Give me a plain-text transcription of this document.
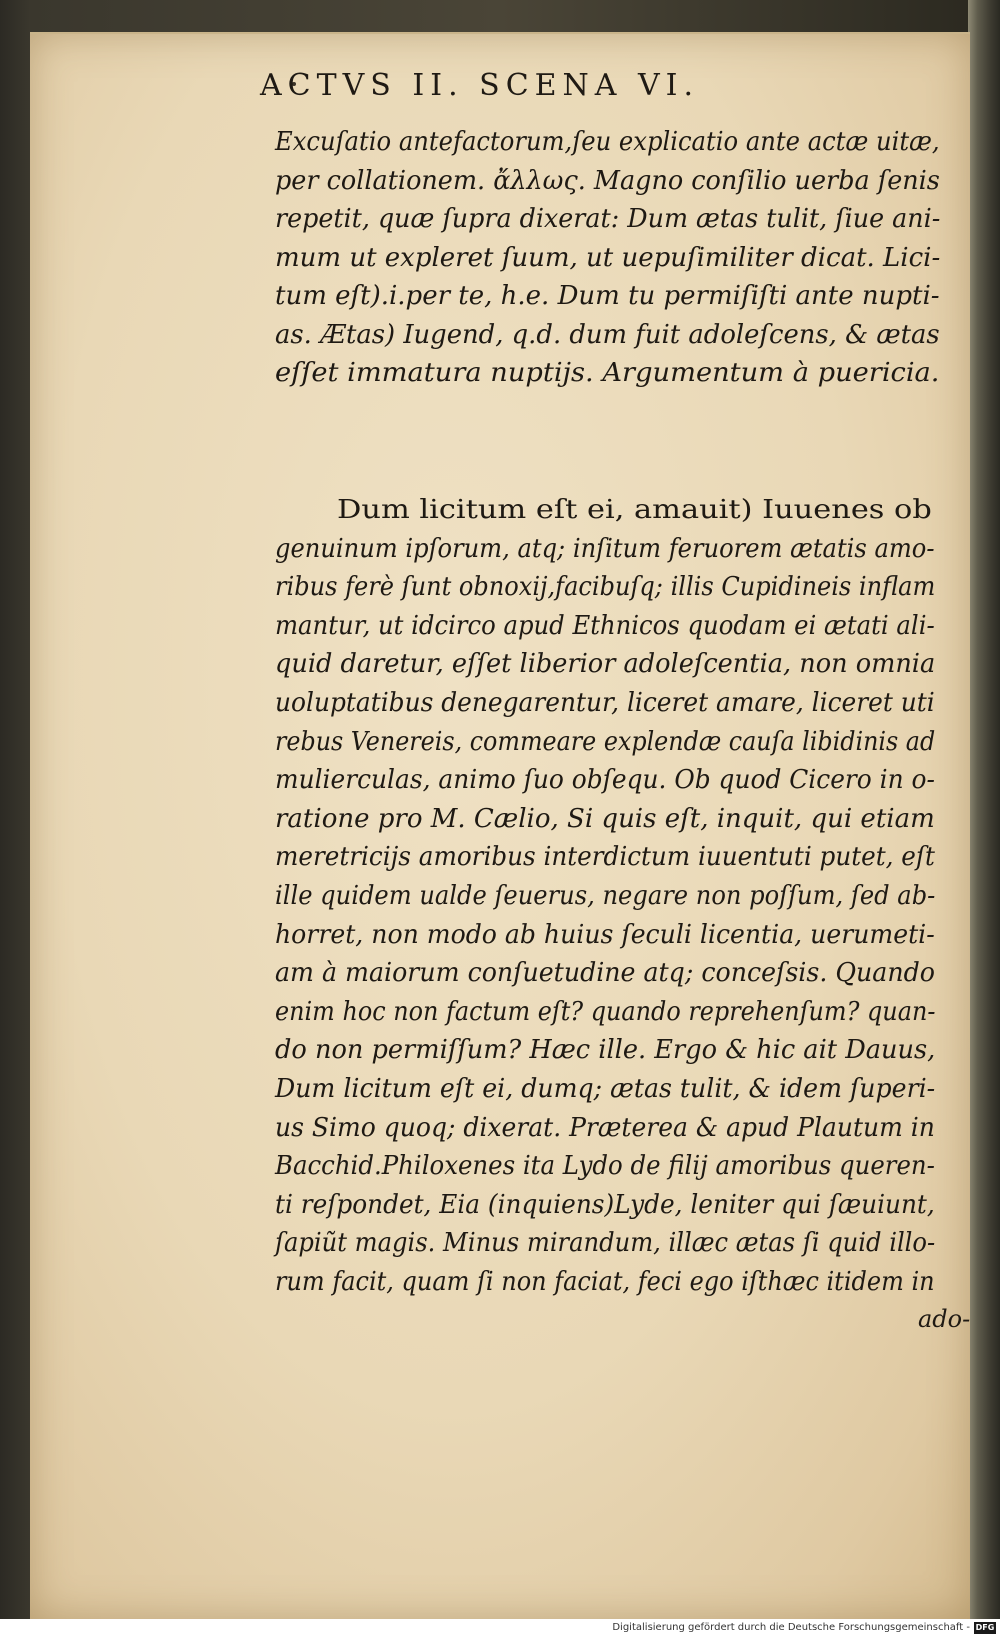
ACTVS II. SCENA VI.
Excuſatio antefactorum,ſeu explicatio ante actæ uitæ,
per collationem. ἄλλως. Magno conſilio uerba ſenis
repetit, quæ ſupra dixerat: Dum ætas tulit, ſiue ani-
mum ut expleret ſuum, ut uериſimiliter dicat. Lici-
tum eſt).i.per te, h.e. Dum tu permiſiſti ante nupti-
as. Ætas) Iugend, q.d. dum fuit adoleſcens, & ætas
eſſet immatura nuptijs. Argumentum à puericia.
Dum licitum eſt ei, amauit) Iuuenes ob
genuinum ipſorum, atq; inſitum feruorem ætatis amo-
ribus ferè ſunt obnoxij,facibuſq; illis Cupidineis inflam
mantur, ut idcirco apud Ethnicos quodam ei ætati ali-
quid daretur, eſſet liberior adoleſcentia, non omnia
uoluptatibus denegarentur, liceret amare, liceret uti
rebus Venereis, commeare explendæ cauſa libidinis ad
mulierculas, animo ſuo obſequ. Ob quod Cicero in o-
ratione pro M. Cælio, Si quis eſt, inquit, qui etiam
meretricijs amoribus interdictum iuuentuti putet, eſt
ille quidem ualde ſeuerus, negare non poſſum, ſed ab-
horret, non modo ab huius ſeculi licentia, uerumeti-
am à maiorum conſuetudine atq; conceſsis. Quando
enim hoc non factum eſt? quando reprehenſum? quan-
do non permiſſum? Hæc ille. Ergo & hic ait Dauus,
Dum licitum eſt ei, dumq; ætas tulit, & idem ſuperi-
us Simo quoq; dixerat. Præterea & apud Plautum in
Bacchid.Philoxenes ita Lydo de filij amoribus queren-
ti reſpondet, Eia (inquiens)Lyde, leniter qui ſæuiunt,
ſapiũt magis. Minus mirandum, illæc ætas ſi quid illo-
rum facit, quam ſi non faciat, feci ego iſthæc itidem in
ado-
Digitalisierung gefördert durch die Deutsche Forschungsgemeinschaft - DFG
